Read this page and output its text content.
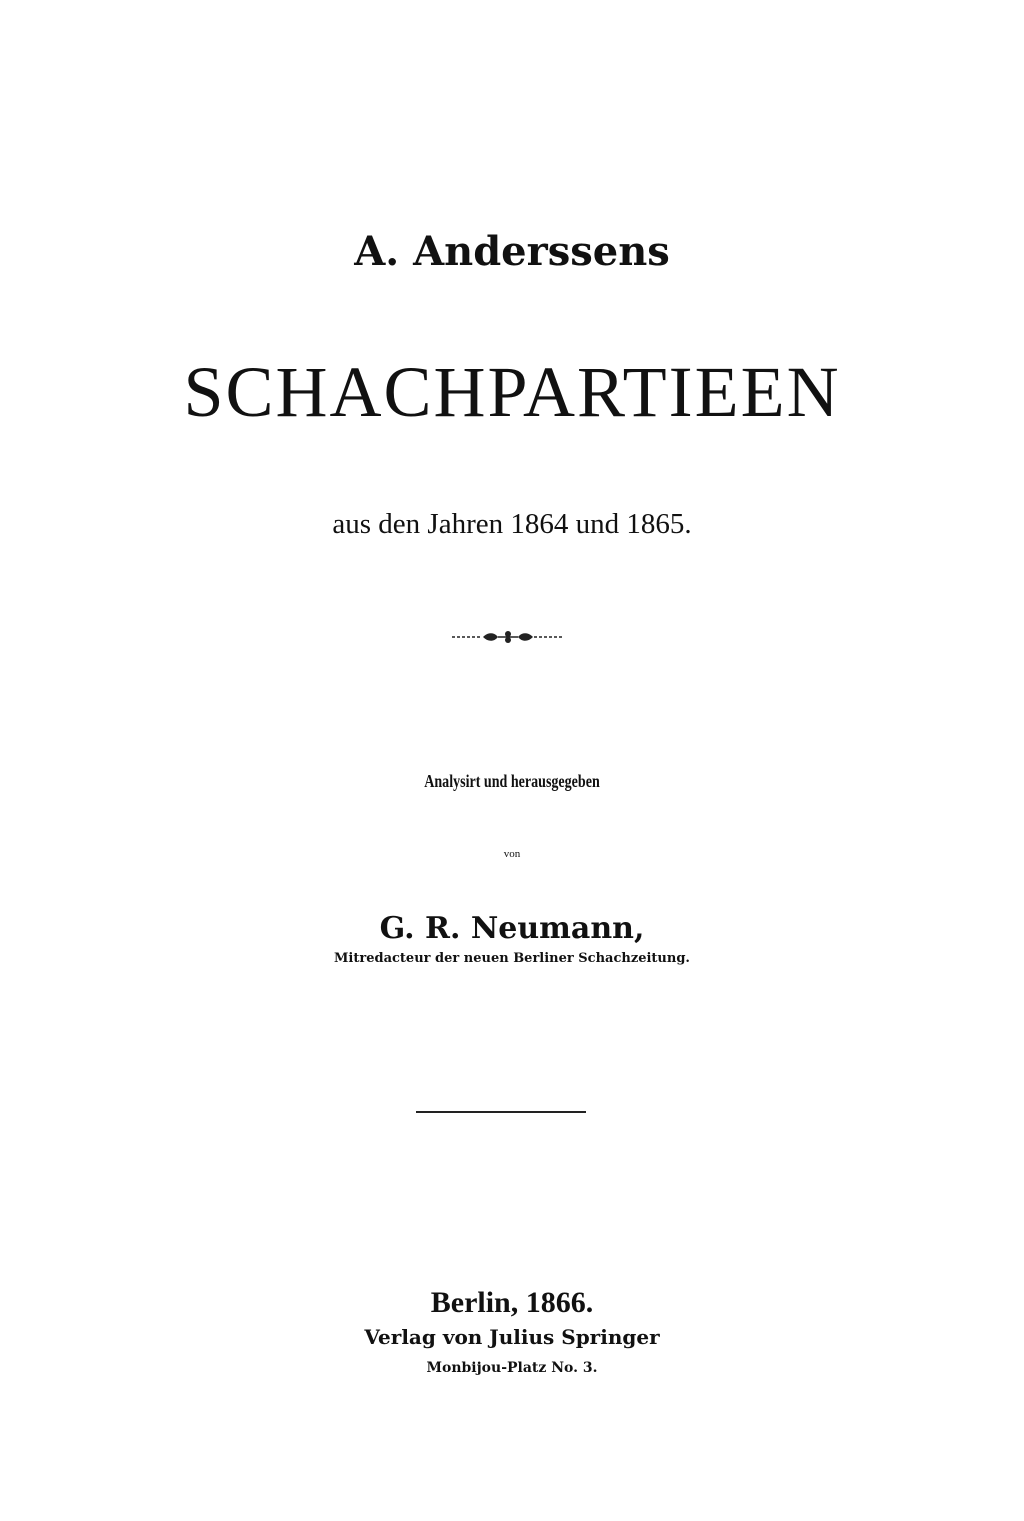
A. Anderssens
SCHACHPARTIEEN
aus den Jahren 1864 und 1865.
Analysirt und herausgegeben
von
G. R. Neumann,
Mitredacteur der neuen Berliner Schachzeitung.
Berlin, 1866.
Verlag von Julius Springer
Monbijou-Platz No. 3.
